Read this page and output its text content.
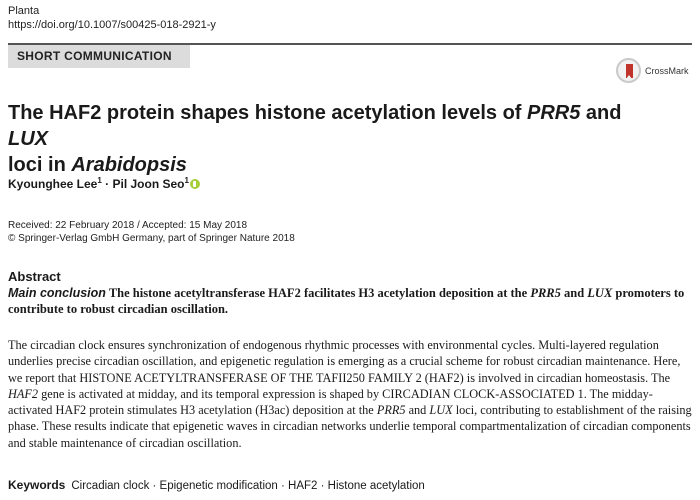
Planta
https://doi.org/10.1007/s00425-018-2921-y
SHORT COMMUNICATION
CrossMark
The HAF2 protein shapes histone acetylation levels of PRR5 and LUX
loci in Arabidopsis
Kyounghee Lee$^1$ · Pil Joon Seo$^1$
Received: 22 February 2018 / Accepted: 15 May 2018
© Springer-Verlag GmbH Germany, part of Springer Nature 2018
Abstract

Main conclusion The histone acetyltransferase HAF2 facilitates H3 acetylation deposition at the PRR5 and LUX promoters to contribute to robust circadian oscillation.

The circadian clock ensures synchronization of endogenous rhythmic processes with environmental cycles. Multi-layered regulation underlies precise circadian oscillation, and epigenetic regulation is emerging as a crucial scheme for robust circadian maintenance. Here, we report that HISTONE ACETYLTRANSFERASE OF THE TAFII250 FAMILY 2 (HAF2) is involved in circadian homeostasis. The HAF2 gene is activated at midday, and its temporal expression is shaped by CIRCADIAN CLOCK-ASSOCIATED 1. The midday-activated HAF2 protein stimulates H3 acetylation (H3ac) deposition at the PRR5 and LUX loci, contributing to establishment of the raising phase. These results indicate that epigenetic waves in circadian networks underlie temporal compartmentalization of circadian components and stable maintenance of circadian oscillation.

Keywords Circadian clock · Epigenetic modification · HAF2 · Histone acetylation
